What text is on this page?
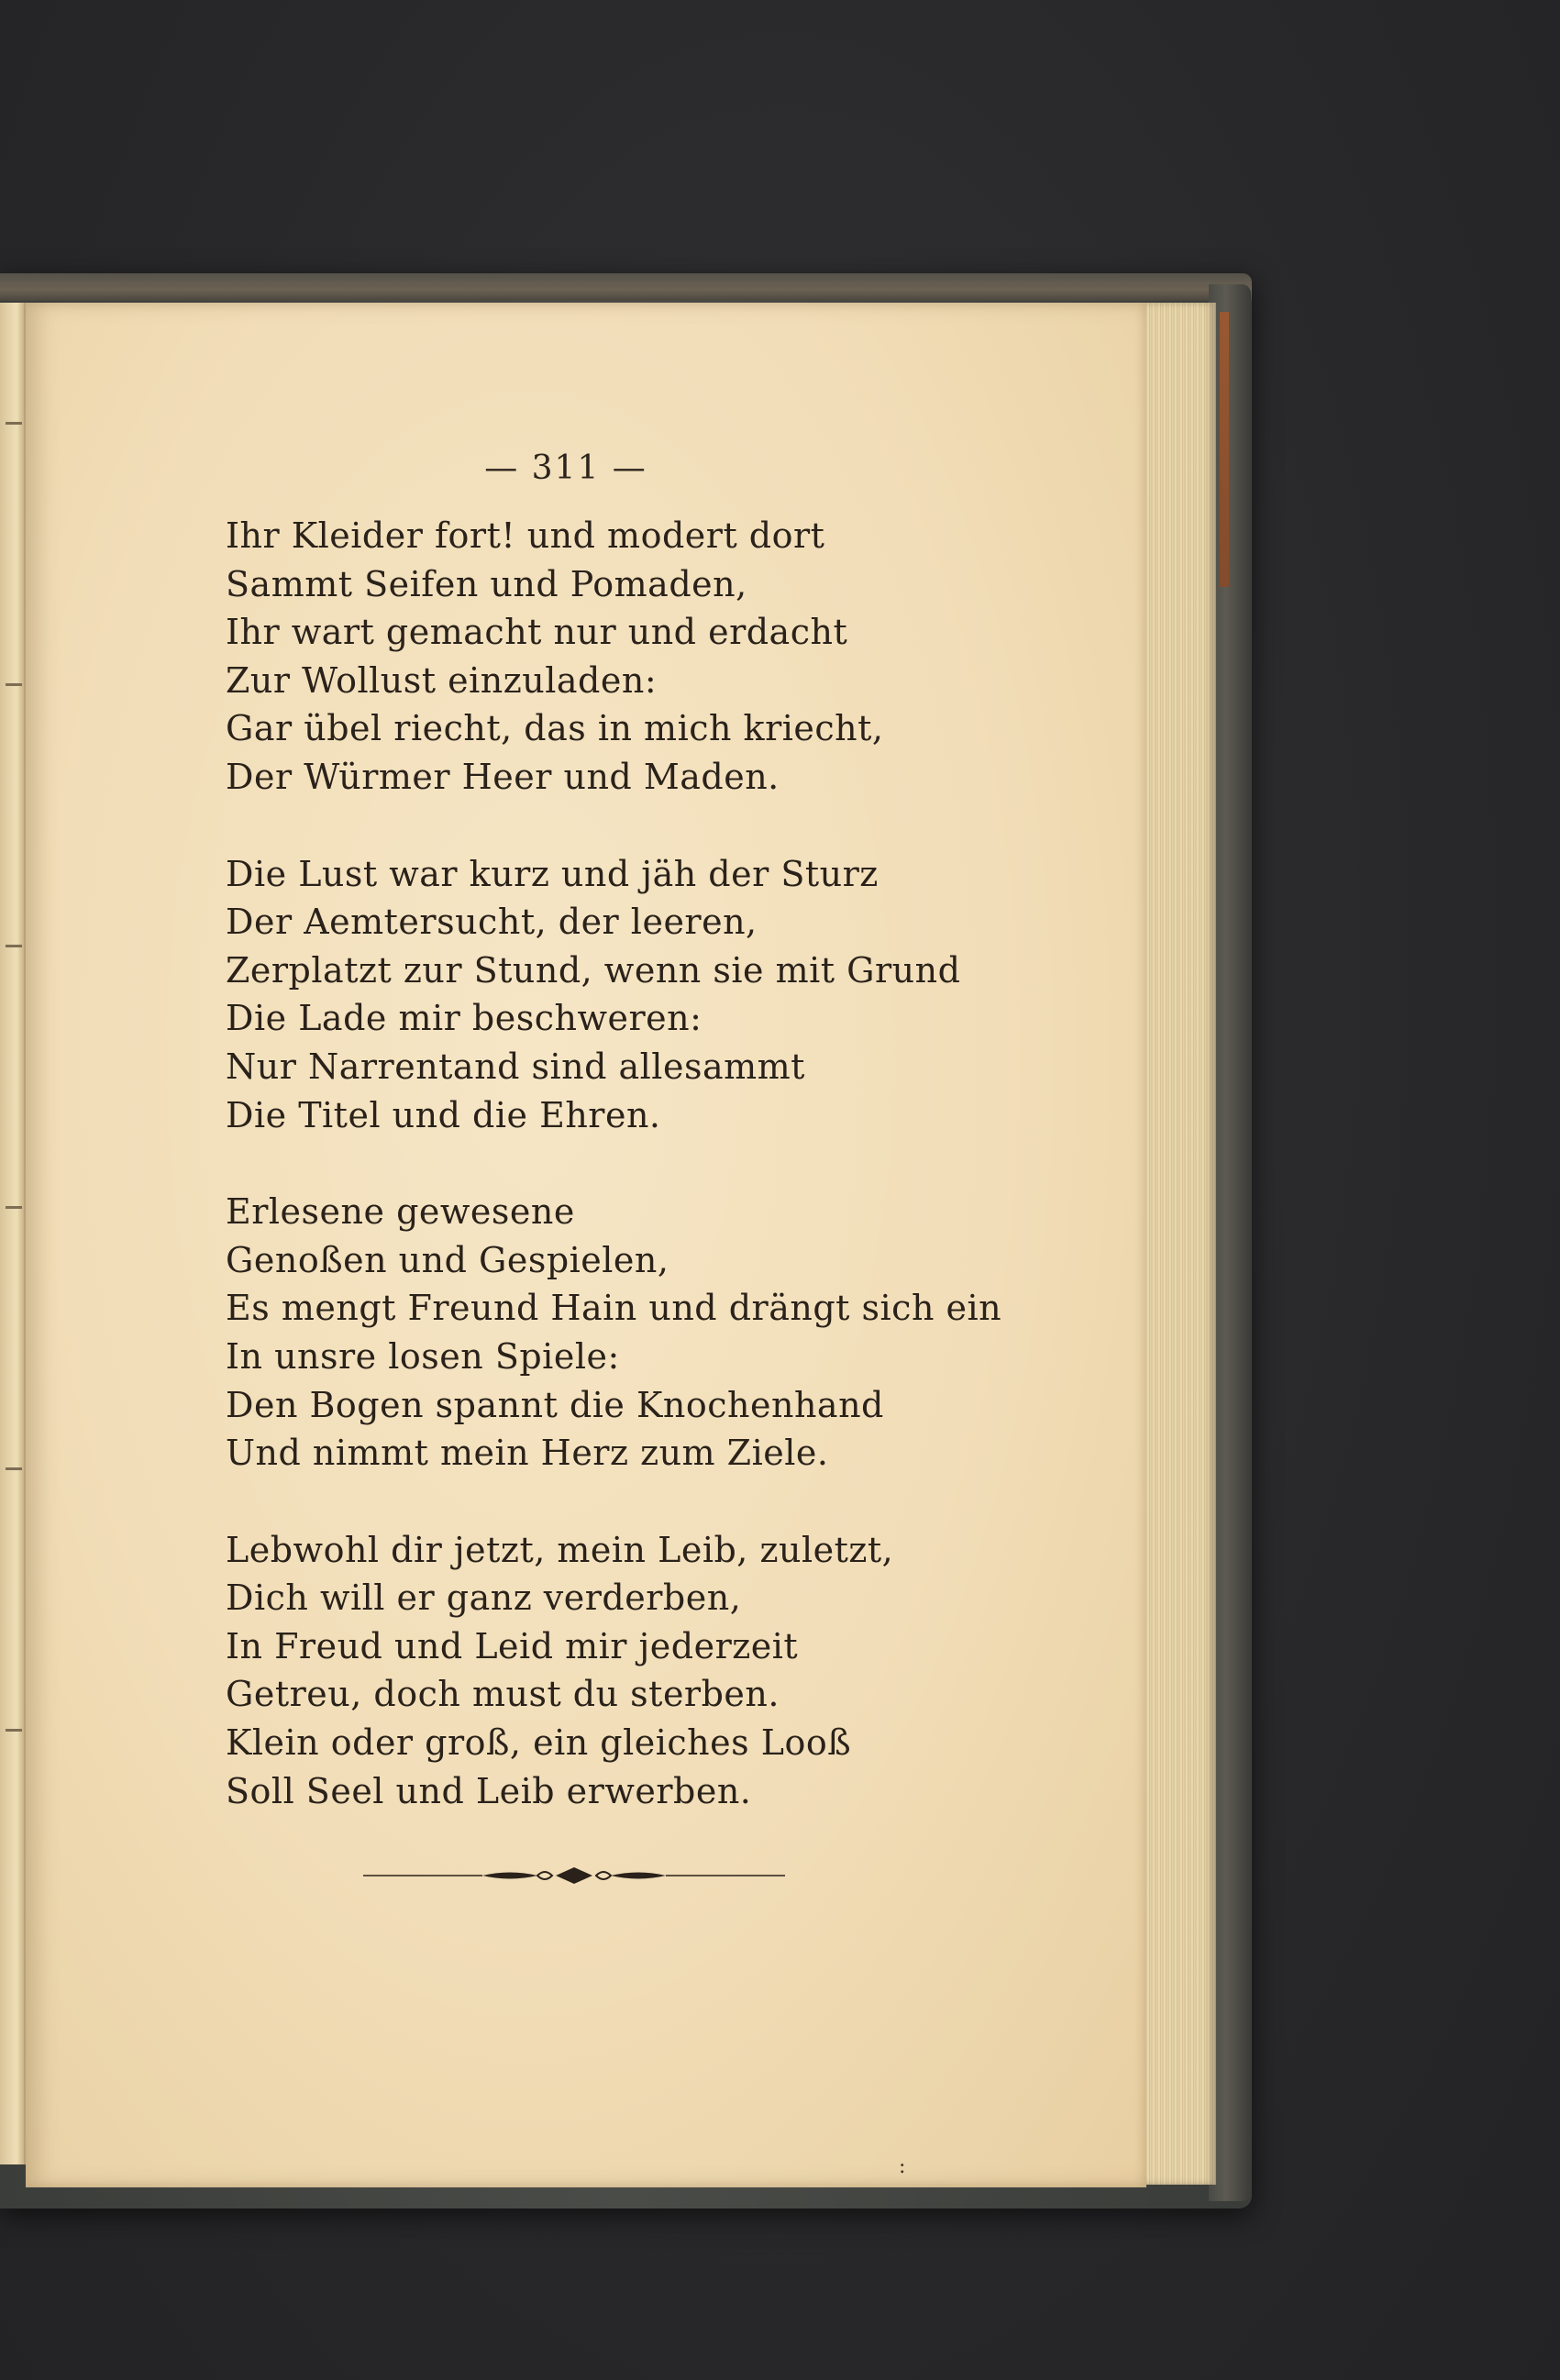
— 311 —
Ihr Kleider fort! und modert dort
Sammt Seifen und Pomaden,
Ihr wart gemacht nur und erdacht
Zur Wollust einzuladen:
Gar übel riecht, das in mich kriecht,
Der Würmer Heer und Maden.
Die Lust war kurz und jäh der Sturz
Der Aemtersucht, der leeren,
Zerplatzt zur Stund, wenn sie mit Grund
Die Lade mir beschweren:
Nur Narrentand sind allesammt
Die Titel und die Ehren.
Erlesene gewesene
Genoßen und Gespielen,
Es mengt Freund Hain und drängt sich ein
In unsre losen Spiele:
Den Bogen spannt die Knochenhand
Und nimmt mein Herz zum Ziele.
Lebwohl dir jetzt, mein Leib, zuletzt,
Dich will er ganz verderben,
In Freud und Leid mir jederzeit
Getreu, doch must du sterben.
Klein oder groß, ein gleiches Looß
Soll Seel und Leib erwerben.
:
